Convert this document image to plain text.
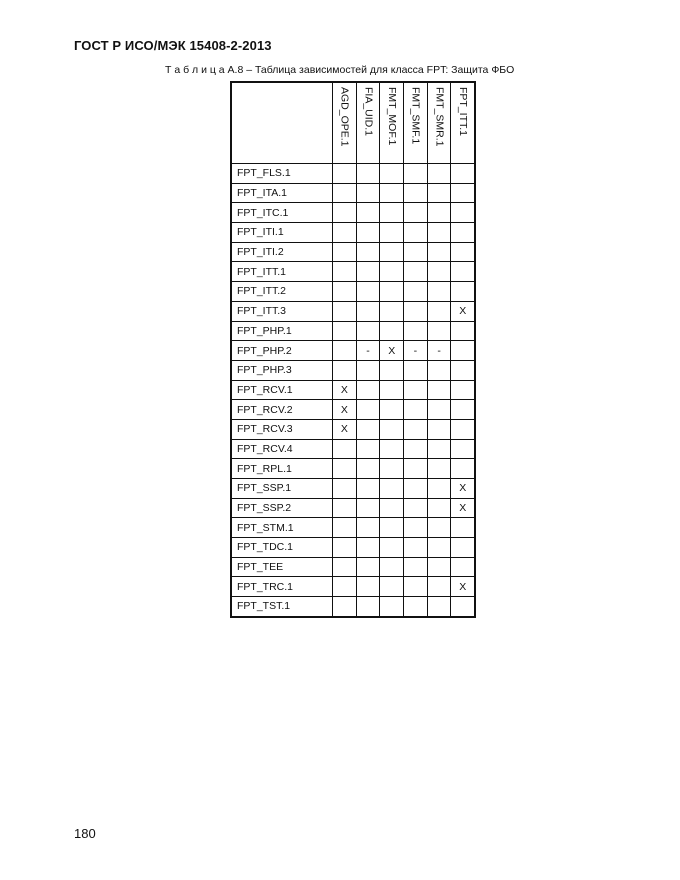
ГОСТ Р ИСО/МЭК 15408-2-2013
Т а б л и ц а А.8 – Таблица зависимостей для класса FPT: Защита ФБО

	AGD_OPE.1	FIA_UID.1	FMT_MOF.1	FMT_SMF.1	FMT_SMR.1	FPT_ITT.1

FPT_FLS.1						
FPT_ITA.1						
FPT_ITC.1						
FPT_ITI.1						
FPT_ITI.2						
FPT_ITT.1						
FPT_ITT.2						
FPT_ITT.3						X
FPT_PHP.1						
FPT_PHP.2		-	X	-	-	
FPT_PHP.3						
FPT_RCV.1	X					
FPT_RCV.2	X					
FPT_RCV.3	X					
FPT_RCV.4						
FPT_RPL.1						
FPT_SSP.1						X
FPT_SSP.2						X
FPT_STM.1						
FPT_TDC.1						
FPT_TEE						
FPT_TRC.1						X
FPT_TST.1						
180
